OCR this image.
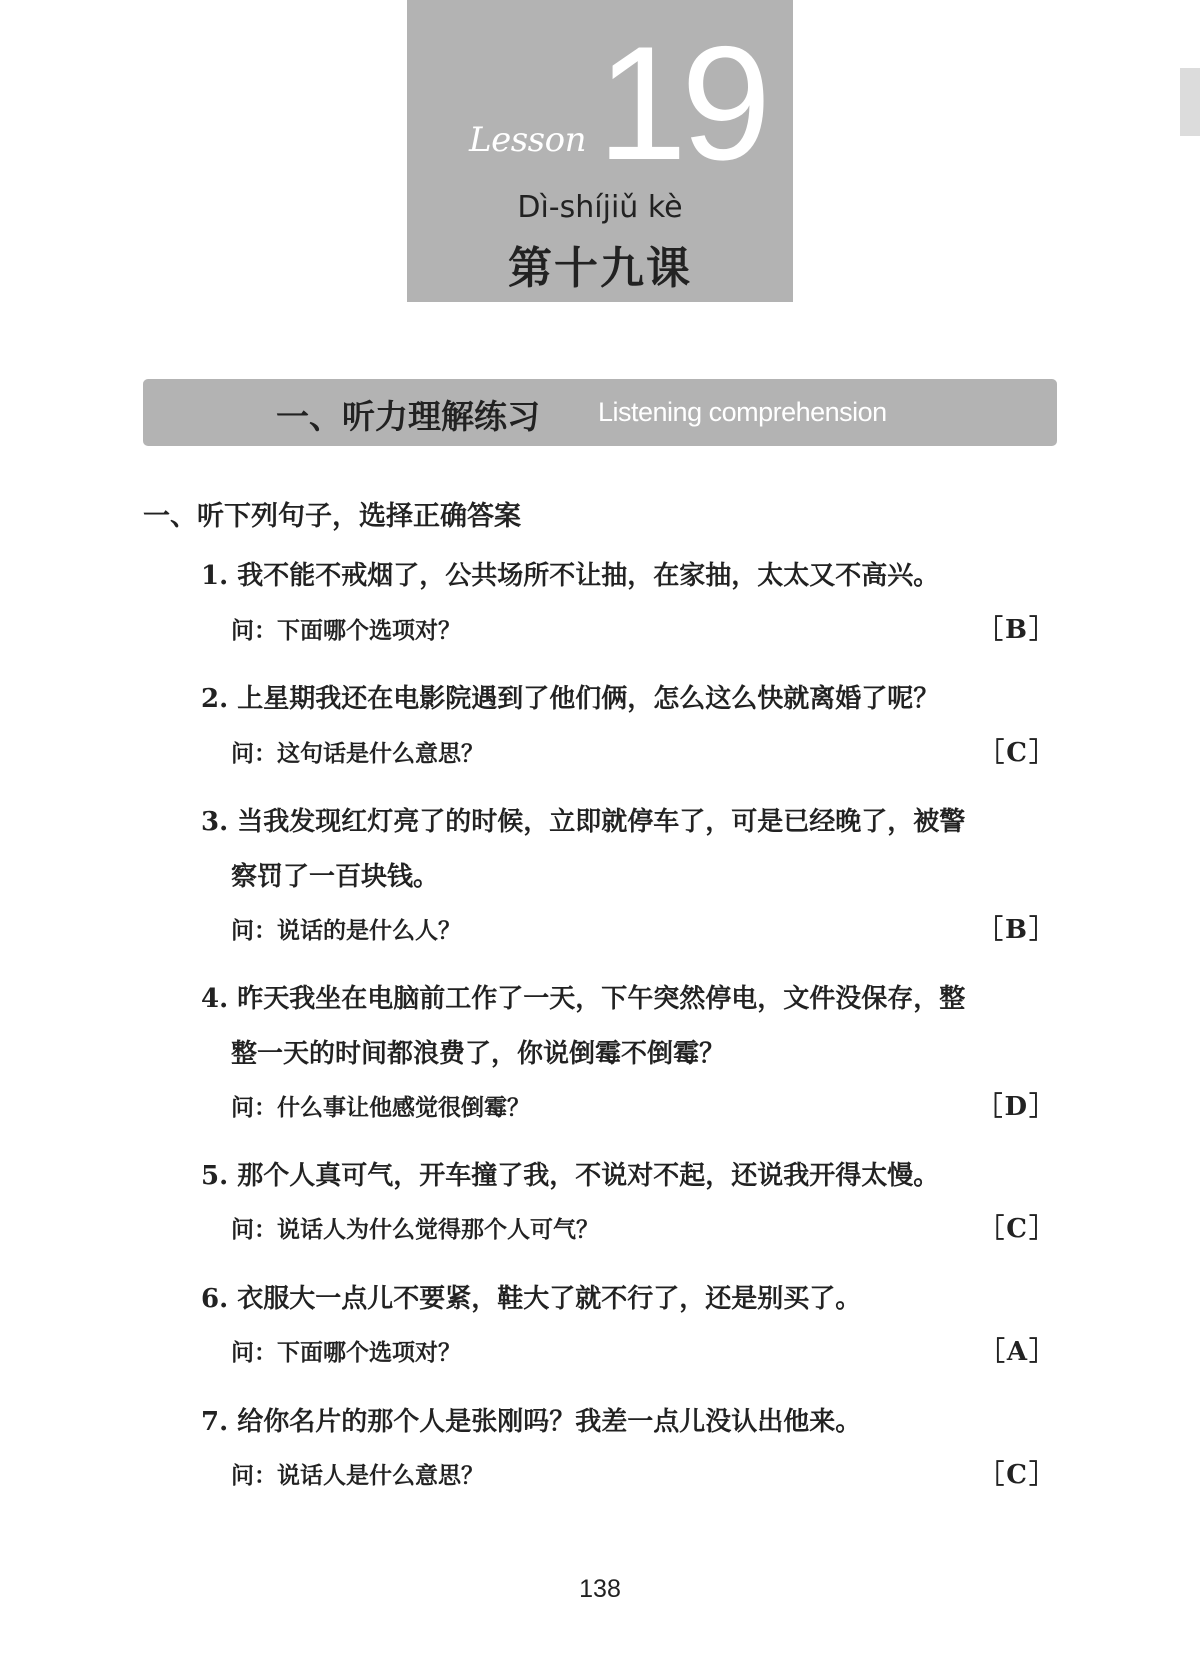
Lesson 19
Dì-shíjiǔ kè
第十九课
一、听力理解练习 Listening comprehension
一、听下列句子，选择正确答案
1. 我不能不戒烟了，公共场所不让抽，在家抽，太太又不高兴。
问：下面哪个选项对？	［B］
2. 上星期我还在电影院遇到了他们俩，怎么这么快就离婚了呢？
问：这句话是什么意思？	［C］
3. 当我发现红灯亮了的时候，立即就停车了，可是已经晚了，被警
察罚了一百块钱。
问：说话的是什么人？	［B］
4. 昨天我坐在电脑前工作了一天，下午突然停电，文件没保存，整
整一天的时间都浪费了，你说倒霉不倒霉？
问：什么事让他感觉很倒霉？	［D］
5. 那个人真可气，开车撞了我，不说对不起，还说我开得太慢。
问：说话人为什么觉得那个人可气？	［C］
6. 衣服大一点儿不要紧，鞋大了就不行了，还是别买了。
问：下面哪个选项对？	［A］
7. 给你名片的那个人是张刚吗？我差一点儿没认出他来。
问：说话人是什么意思？	［C］
138
